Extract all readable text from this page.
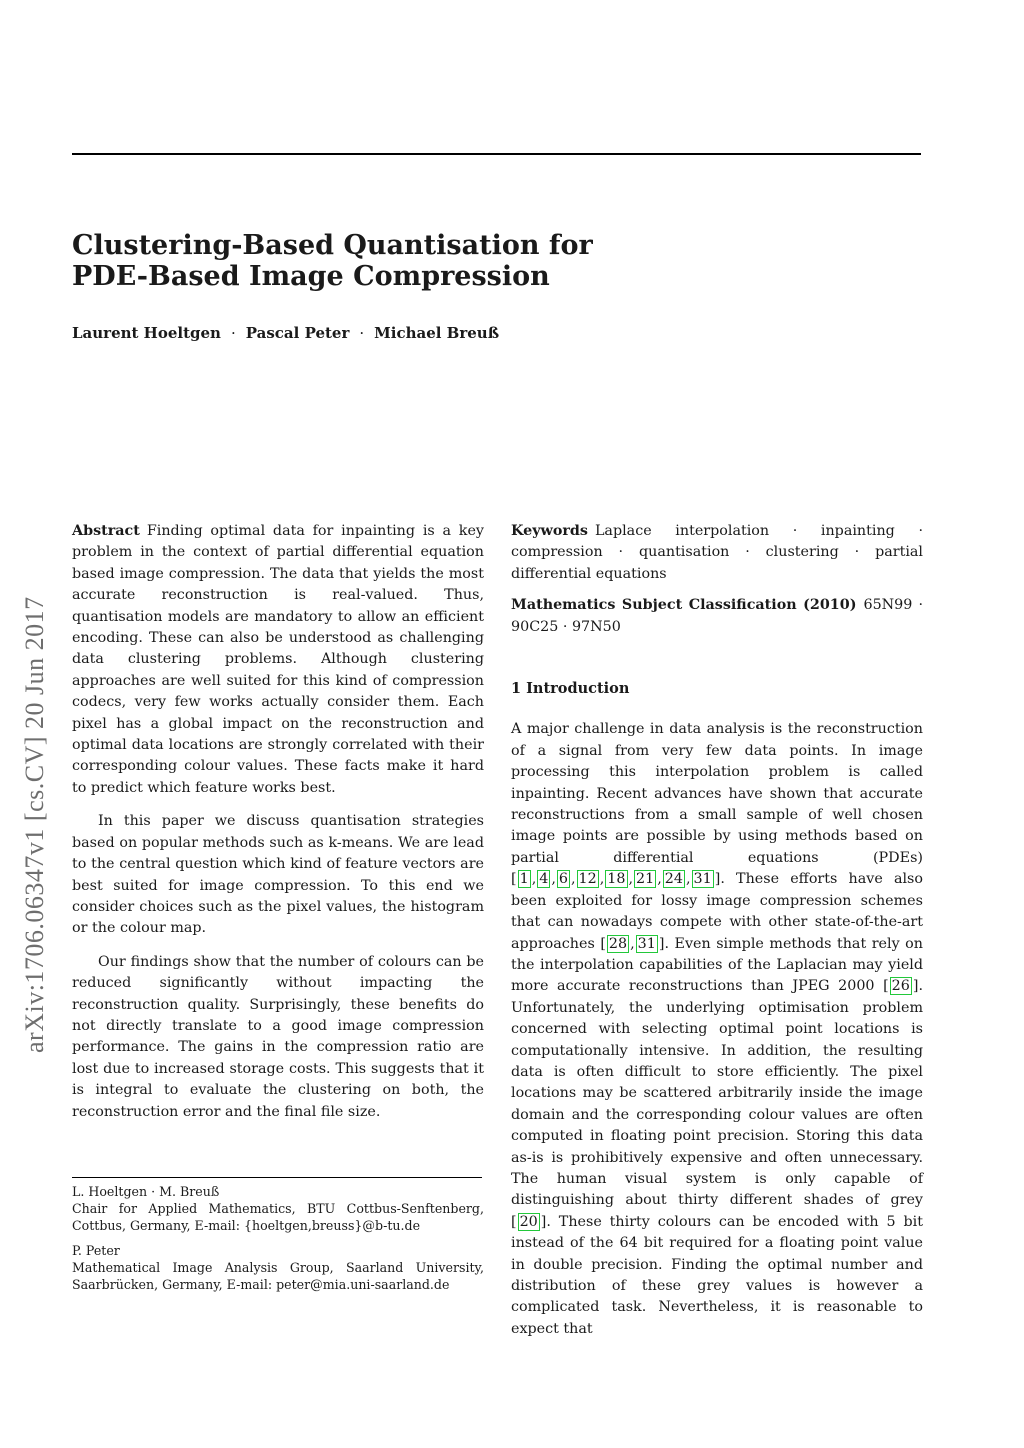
Clustering-Based Quantisation for
PDE-Based Image Compression
Laurent Hoeltgen · Pascal Peter · Michael Breuß
arXiv:1706.06347v1 [cs.CV] 20 Jun 2017

Abstract Finding optimal data for inpainting is a key problem in the context of partial differential equation based image compression. The data that yields the most accurate reconstruction is real-valued. Thus, quantisation models are mandatory to allow an efficient encoding. These can also be understood as challenging data clustering problems. Although clustering approaches are well suited for this kind of compression codecs, very few works actually consider them. Each pixel has a global impact on the reconstruction and optimal data locations are strongly correlated with their corresponding colour values. These facts make it hard to predict which feature works best.

In this paper we discuss quantisation strategies based on popular methods such as k-means. We are lead to the central question which kind of feature vectors are best suited for image compression. To this end we consider choices such as the pixel values, the histogram or the colour map.

Our findings show that the number of colours can be reduced significantly without impacting the reconstruction quality. Surprisingly, these benefits do not directly translate to a good image compression performance. The gains in the compression ratio are lost due to increased storage costs. This suggests that it is integral to evaluate the clustering on both, the reconstruction error and the final file size.

L. Hoeltgen · M. Breuß
Chair for Applied Mathematics, BTU Cottbus-Senftenberg, Cottbus, Germany, E-mail: {hoeltgen,breuss}@b-tu.de
P. Peter
Mathematical Image Analysis Group, Saarland University, Saarbrücken, Germany, E-mail: peter@mia.uni-saarland.de

Keywords Laplace interpolation · inpainting · compression · quantisation · clustering · partial differential equations

Mathematics Subject Classification (2010) 65N99 · 90C25 · 97N50

1 Introduction

A major challenge in data analysis is the reconstruction of a signal from very few data points. In image processing this interpolation problem is called inpainting. Recent advances have shown that accurate reconstructions from a small sample of well chosen image points are possible by using methods based on partial differential equations (PDEs) [ 1 , 4 , 6 , 12 , 18 , 21 , 24 , 31 ]. These efforts have also been exploited for lossy image compression schemes that can nowadays compete with other state-of-the-art approaches [ 28 , 31 ]. Even simple methods that rely on the interpolation capabilities of the Laplacian may yield more accurate reconstructions than JPEG 2000 [ 26 ]. Unfortunately, the underlying optimisation problem concerned with selecting optimal point locations is computationally intensive. In addition, the resulting data is often difficult to store efficiently. The pixel locations may be scattered arbitrarily inside the image domain and the corresponding colour values are often computed in floating point precision. Storing this data as-is is prohibitively expensive and often unnecessary. The human visual system is only capable of distinguishing about thirty different shades of grey [ 20 ]. These thirty colours can be encoded with 5 bit instead of the 64 bit required for a floating point value in double precision. Finding the optimal number and distribution of these grey values is however a complicated task. Nevertheless, it is reasonable to expect that
